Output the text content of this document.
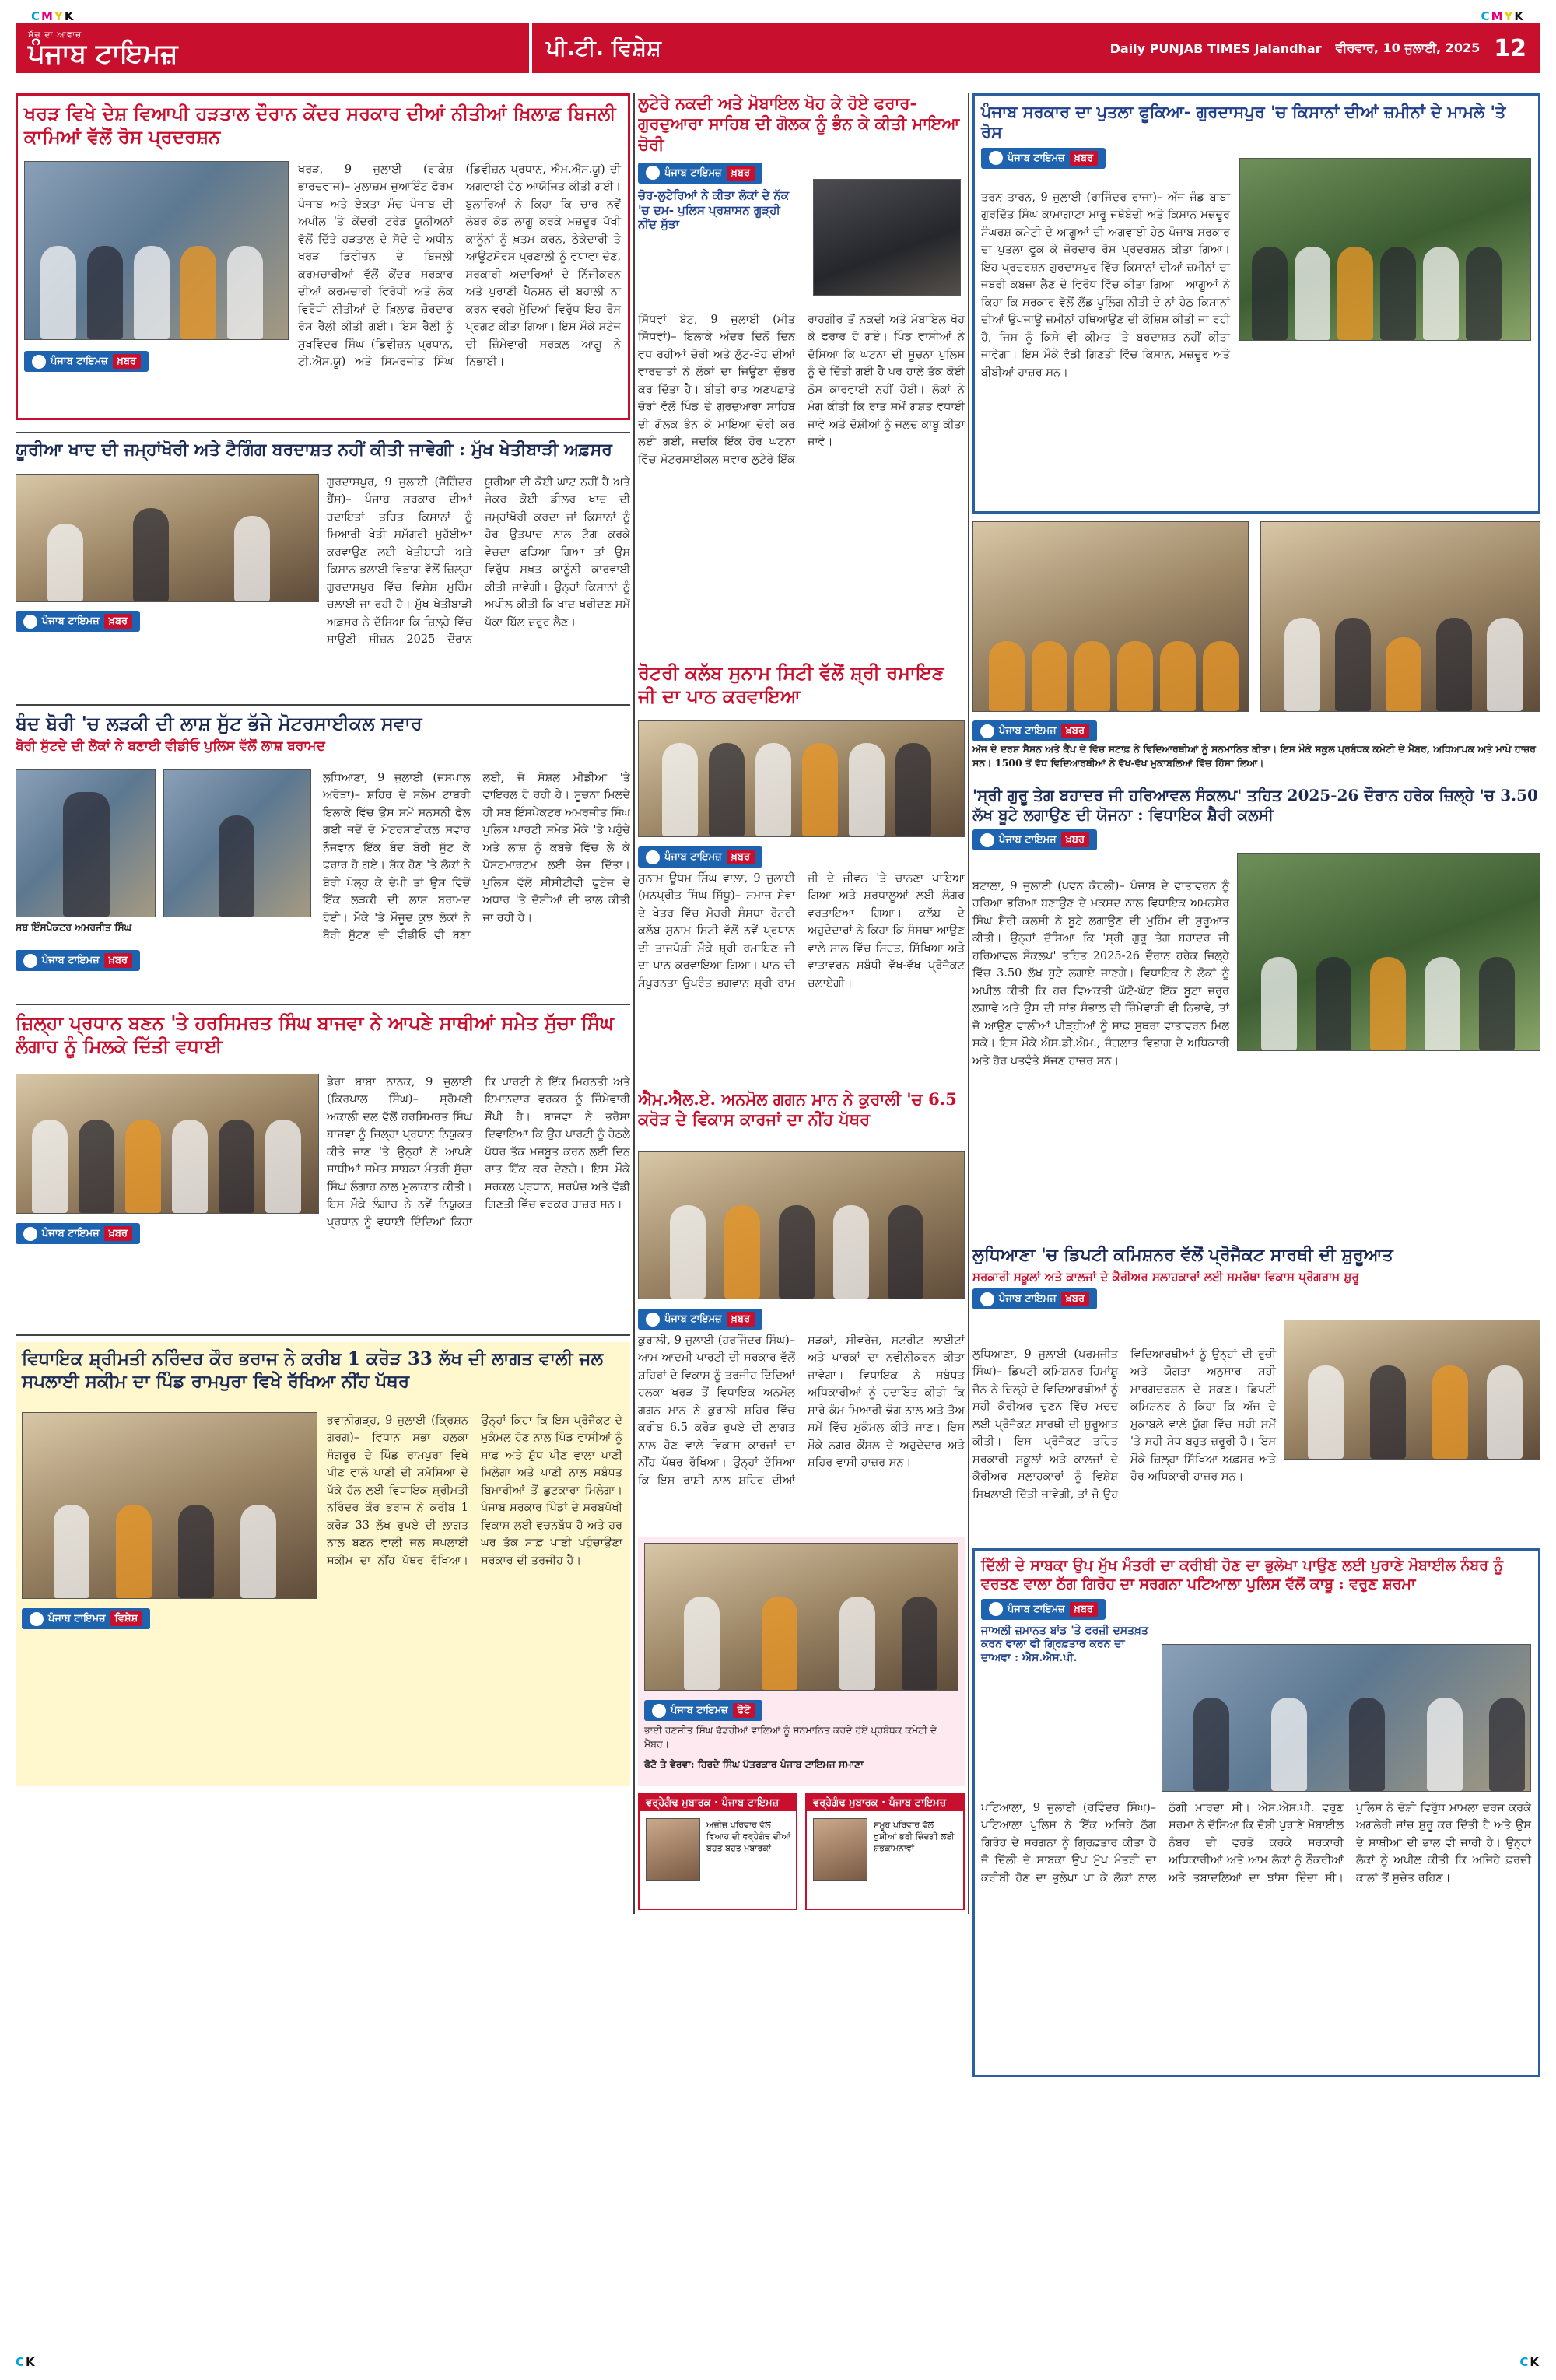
CMYK	CMYK
ਸੱਚ ਦਾ ਆਵਾਜ਼
ਪੰਜਾਬ ਟਾਇਮਜ਼	ਪੀ.ਟੀ. ਵਿਸ਼ੇਸ਼	Daily PUNJAB TIMES Jalandhar ਵੀਰਵਾਰ, 10 ਜੁਲਾਈ, 2025 12
ਖਰੜ ਵਿਖੇ ਦੇਸ਼ ਵਿਆਪੀ ਹੜਤਾਲ ਦੌਰਾਨ ਕੇਂਦਰ ਸਰਕਾਰ ਦੀਆਂ ਨੀਤੀਆਂ ਖ਼ਿਲਾਫ਼ ਬਿਜਲੀ ਕਾਮਿਆਂ ਵੱਲੋਂ ਰੋਸ ਪ੍ਰਦਰਸ਼ਨ
ਪੰਜਾਬ ਟਾਇਮਜ਼ ਖ਼ਬਰ
ਖਰੜ, 9 ਜੁਲਾਈ (ਰਾਕੇਸ਼ ਭਾਰਦਵਾਜ)– ਮੁਲਾਜ਼ਮ ਜੁਆਇੰਟ ਫੋਰਮ ਪੰਜਾਬ ਅਤੇ ਏਕਤਾ ਮੰਚ ਪੰਜਾਬ ਦੀ ਅਪੀਲ 'ਤੇ ਕੇਂਦਰੀ ਟਰੇਡ ਯੂਨੀਅਨਾਂ ਵੱਲੋਂ ਦਿੱਤੇ ਹੜਤਾਲ ਦੇ ਸੱਦੇ ਦੇ ਅਧੀਨ ਖਰੜ ਡਿਵੀਜ਼ਨ ਦੇ ਬਿਜਲੀ ਕਰਮਚਾਰੀਆਂ ਵੱਲੋਂ ਕੇਂਦਰ ਸਰਕਾਰ ਦੀਆਂ ਕਰਮਚਾਰੀ ਵਿਰੋਧੀ ਅਤੇ ਲੋਕ ਵਿਰੋਧੀ ਨੀਤੀਆਂ ਦੇ ਖ਼ਿਲਾਫ਼ ਜ਼ੋਰਦਾਰ ਰੋਸ ਰੈਲੀ ਕੀਤੀ ਗਈ। ਇਸ ਰੈਲੀ ਨੂੰ ਸੁਖਵਿੰਦਰ ਸਿੰਘ (ਡਿਵੀਜ਼ਨ ਪ੍ਰਧਾਨ, ਟੀ.ਐਸ.ਯੂ) ਅਤੇ ਸਿਮਰਜੀਤ ਸਿੰਘ (ਡਿਵੀਜ਼ਨ ਪ੍ਰਧਾਨ, ਐਮ.ਐਸ.ਯੂ) ਦੀ ਅਗਵਾਈ ਹੇਠ ਆਯੋਜਿਤ ਕੀਤੀ ਗਈ। ਬੁਲਾਰਿਆਂ ਨੇ ਕਿਹਾ ਕਿ ਚਾਰ ਨਵੇਂ ਲੇਬਰ ਕੋਡ ਲਾਗੂ ਕਰਕੇ ਮਜ਼ਦੂਰ ਪੱਖੀ ਕਾਨੂੰਨਾਂ ਨੂੰ ਖ਼ਤਮ ਕਰਨ, ਠੇਕੇਦਾਰੀ ਤੇ ਆਊਟਸੋਰਸ ਪ੍ਰਣਾਲੀ ਨੂੰ ਵਧਾਵਾ ਦੇਣ, ਸਰਕਾਰੀ ਅਦਾਰਿਆਂ ਦੇ ਨਿੱਜੀਕਰਨ ਅਤੇ ਪੁਰਾਣੀ ਪੈਨਸ਼ਨ ਦੀ ਬਹਾਲੀ ਨਾ ਕਰਨ ਵਰਗੇ ਮੁੱਦਿਆਂ ਵਿਰੁੱਧ ਇਹ ਰੋਸ ਪ੍ਰਗਟ ਕੀਤਾ ਗਿਆ। ਇਸ ਮੌਕੇ ਸਟੇਜ ਦੀ ਜ਼ਿੰਮੇਵਾਰੀ ਸਰਕਲ ਆਗੂ ਨੇ ਨਿਭਾਈ।
ਲੁਟੇਰੇ ਨਕਦੀ ਅਤੇ ਮੋਬਾਇਲ ਖੋਹ ਕੇ ਹੋਏ ਫਰਾਰ-ਗੁਰਦੁਆਰਾ ਸਾਹਿਬ ਦੀ ਗੋਲਕ ਨੂੰ ਭੰਨ ਕੇ ਕੀਤੀ ਮਾਇਆ ਚੋਰੀ
ਪੰਜਾਬ ਟਾਇਮਜ਼ ਖ਼ਬਰ
ਚੋਰ-ਲੁਟੇਰਿਆਂ ਨੇ ਕੀਤਾ ਲੋਕਾਂ ਦੇ ਨੱਕ 'ਚ ਦਮ- ਪੁਲਿਸ ਪ੍ਰਸ਼ਾਸਨ ਗੂੜ੍ਹੀ ਨੀਂਦ ਸੁੱਤਾ
ਸਿੱਧਵਾਂ ਬੇਟ, 9 ਜੁਲਾਈ (ਮੀਤ ਸਿੱਧਵਾਂ)– ਇਲਾਕੇ ਅੰਦਰ ਦਿਨੋਂ ਦਿਨ ਵਧ ਰਹੀਆਂ ਚੋਰੀ ਅਤੇ ਲੁੱਟ-ਖੋਹ ਦੀਆਂ ਵਾਰਦਾਤਾਂ ਨੇ ਲੋਕਾਂ ਦਾ ਜਿਊਣਾ ਦੁੱਭਰ ਕਰ ਦਿੱਤਾ ਹੈ। ਬੀਤੀ ਰਾਤ ਅਣਪਛਾਤੇ ਚੋਰਾਂ ਵੱਲੋਂ ਪਿੰਡ ਦੇ ਗੁਰਦੁਆਰਾ ਸਾਹਿਬ ਦੀ ਗੋਲਕ ਭੰਨ ਕੇ ਮਾਇਆ ਚੋਰੀ ਕਰ ਲਈ ਗਈ, ਜਦਕਿ ਇੱਕ ਹੋਰ ਘਟਨਾ ਵਿੱਚ ਮੋਟਰਸਾਈਕਲ ਸਵਾਰ ਲੁਟੇਰੇ ਇੱਕ ਰਾਹਗੀਰ ਤੋਂ ਨਕਦੀ ਅਤੇ ਮੋਬਾਇਲ ਖੋਹ ਕੇ ਫਰਾਰ ਹੋ ਗਏ। ਪਿੰਡ ਵਾਸੀਆਂ ਨੇ ਦੱਸਿਆ ਕਿ ਘਟਨਾ ਦੀ ਸੂਚਨਾ ਪੁਲਿਸ ਨੂੰ ਦੇ ਦਿੱਤੀ ਗਈ ਹੈ ਪਰ ਹਾਲੇ ਤੱਕ ਕੋਈ ਠੋਸ ਕਾਰਵਾਈ ਨਹੀਂ ਹੋਈ। ਲੋਕਾਂ ਨੇ ਮੰਗ ਕੀਤੀ ਕਿ ਰਾਤ ਸਮੇਂ ਗਸ਼ਤ ਵਧਾਈ ਜਾਵੇ ਅਤੇ ਦੋਸ਼ੀਆਂ ਨੂੰ ਜਲਦ ਕਾਬੂ ਕੀਤਾ ਜਾਵੇ।
ਪੰਜਾਬ ਸਰਕਾਰ ਦਾ ਪੁਤਲਾ ਫੂਕਿਆ- ਗੁਰਦਾਸਪੁਰ 'ਚ ਕਿਸਾਨਾਂ ਦੀਆਂ ਜ਼ਮੀਨਾਂ ਦੇ ਮਾਮਲੇ 'ਤੇ ਰੋਸ
ਪੰਜਾਬ ਟਾਇਮਜ਼ ਖ਼ਬਰ
ਤਰਨ ਤਾਰਨ, 9 ਜੁਲਾਈ (ਰਾਜਿੰਦਰ ਰਾਜਾ)– ਅੱਜ ਜੰਡ ਬਾਬਾ ਗੁਰਦਿੱਤ ਸਿੰਘ ਕਾਮਾਗਾਟਾ ਮਾਰੂ ਜਥੇਬੰਦੀ ਅਤੇ ਕਿਸਾਨ ਮਜ਼ਦੂਰ ਸੰਘਰਸ਼ ਕਮੇਟੀ ਦੇ ਆਗੂਆਂ ਦੀ ਅਗਵਾਈ ਹੇਠ ਪੰਜਾਬ ਸਰਕਾਰ ਦਾ ਪੁਤਲਾ ਫੂਕ ਕੇ ਜ਼ੋਰਦਾਰ ਰੋਸ ਪ੍ਰਦਰਸ਼ਨ ਕੀਤਾ ਗਿਆ। ਇਹ ਪ੍ਰਦਰਸ਼ਨ ਗੁਰਦਾਸਪੁਰ ਵਿੱਚ ਕਿਸਾਨਾਂ ਦੀਆਂ ਜ਼ਮੀਨਾਂ ਦਾ ਜਬਰੀ ਕਬਜ਼ਾ ਲੈਣ ਦੇ ਵਿਰੋਧ ਵਿੱਚ ਕੀਤਾ ਗਿਆ। ਆਗੂਆਂ ਨੇ ਕਿਹਾ ਕਿ ਸਰਕਾਰ ਵੱਲੋਂ ਲੈਂਡ ਪੂਲਿੰਗ ਨੀਤੀ ਦੇ ਨਾਂ ਹੇਠ ਕਿਸਾਨਾਂ ਦੀਆਂ ਉਪਜਾਊ ਜ਼ਮੀਨਾਂ ਹਥਿਆਉਣ ਦੀ ਕੋਸ਼ਿਸ਼ ਕੀਤੀ ਜਾ ਰਹੀ ਹੈ, ਜਿਸ ਨੂੰ ਕਿਸੇ ਵੀ ਕੀਮਤ 'ਤੇ ਬਰਦਾਸ਼ਤ ਨਹੀਂ ਕੀਤਾ ਜਾਵੇਗਾ। ਇਸ ਮੌਕੇ ਵੱਡੀ ਗਿਣਤੀ ਵਿੱਚ ਕਿਸਾਨ, ਮਜ਼ਦੂਰ ਅਤੇ ਬੀਬੀਆਂ ਹਾਜ਼ਰ ਸਨ।
ਯੂਰੀਆ ਖਾਦ ਦੀ ਜਮ੍ਹਾਂਖੋਰੀ ਅਤੇ ਟੈਗਿੰਗ ਬਰਦਾਸ਼ਤ ਨਹੀਂ ਕੀਤੀ ਜਾਵੇਗੀ : ਮੁੱਖ ਖੇਤੀਬਾੜੀ ਅਫ਼ਸਰ
ਪੰਜਾਬ ਟਾਇਮਜ਼ ਖ਼ਬਰ
ਗੁਰਦਾਸਪੁਰ, 9 ਜੁਲਾਈ (ਜੋਗਿੰਦਰ ਬੈਂਸ)– ਪੰਜਾਬ ਸਰਕਾਰ ਦੀਆਂ ਹਦਾਇਤਾਂ ਤਹਿਤ ਕਿਸਾਨਾਂ ਨੂੰ ਮਿਆਰੀ ਖੇਤੀ ਸਮੱਗਰੀ ਮੁਹੱਈਆ ਕਰਵਾਉਣ ਲਈ ਖੇਤੀਬਾੜੀ ਅਤੇ ਕਿਸਾਨ ਭਲਾਈ ਵਿਭਾਗ ਵੱਲੋਂ ਜ਼ਿਲ੍ਹਾ ਗੁਰਦਾਸਪੁਰ ਵਿੱਚ ਵਿਸ਼ੇਸ਼ ਮੁਹਿੰਮ ਚਲਾਈ ਜਾ ਰਹੀ ਹੈ। ਮੁੱਖ ਖੇਤੀਬਾੜੀ ਅਫ਼ਸਰ ਨੇ ਦੱਸਿਆ ਕਿ ਜ਼ਿਲ੍ਹੇ ਵਿੱਚ ਸਾਉਣੀ ਸੀਜ਼ਨ 2025 ਦੌਰਾਨ ਯੂਰੀਆ ਦੀ ਕੋਈ ਘਾਟ ਨਹੀਂ ਹੈ ਅਤੇ ਜੇਕਰ ਕੋਈ ਡੀਲਰ ਖਾਦ ਦੀ ਜਮ੍ਹਾਂਖੋਰੀ ਕਰਦਾ ਜਾਂ ਕਿਸਾਨਾਂ ਨੂੰ ਹੋਰ ਉਤਪਾਦ ਨਾਲ ਟੈਗ ਕਰਕੇ ਵੇਚਦਾ ਫੜਿਆ ਗਿਆ ਤਾਂ ਉਸ ਵਿਰੁੱਧ ਸਖ਼ਤ ਕਾਨੂੰਨੀ ਕਾਰਵਾਈ ਕੀਤੀ ਜਾਵੇਗੀ। ਉਨ੍ਹਾਂ ਕਿਸਾਨਾਂ ਨੂੰ ਅਪੀਲ ਕੀਤੀ ਕਿ ਖਾਦ ਖਰੀਦਣ ਸਮੇਂ ਪੱਕਾ ਬਿੱਲ ਜ਼ਰੂਰ ਲੈਣ।
ਰੋਟਰੀ ਕਲੱਬ ਸੁਨਾਮ ਸਿਟੀ ਵੱਲੋਂ ਸ਼੍ਰੀ ਰਮਾਇਣ ਜੀ ਦਾ ਪਾਠ ਕਰਵਾਇਆ
ਪੰਜਾਬ ਟਾਇਮਜ਼ ਖ਼ਬਰ
ਸੁਨਾਮ ਊਧਮ ਸਿੰਘ ਵਾਲਾ, 9 ਜੁਲਾਈ (ਮਨਪ੍ਰੀਤ ਸਿੰਘ ਸਿੱਧੂ)– ਸਮਾਜ ਸੇਵਾ ਦੇ ਖੇਤਰ ਵਿੱਚ ਮੋਹਰੀ ਸੰਸਥਾ ਰੋਟਰੀ ਕਲੱਬ ਸੁਨਾਮ ਸਿਟੀ ਵੱਲੋਂ ਨਵੇਂ ਪ੍ਰਧਾਨ ਦੀ ਤਾਜਪੋਸ਼ੀ ਮੌਕੇ ਸ਼੍ਰੀ ਰਮਾਇਣ ਜੀ ਦਾ ਪਾਠ ਕਰਵਾਇਆ ਗਿਆ। ਪਾਠ ਦੀ ਸੰਪੂਰਨਤਾ ਉਪਰੰਤ ਭਗਵਾਨ ਸ਼੍ਰੀ ਰਾਮ ਜੀ ਦੇ ਜੀਵਨ 'ਤੇ ਚਾਨਣਾ ਪਾਇਆ ਗਿਆ ਅਤੇ ਸ਼ਰਧਾਲੂਆਂ ਲਈ ਲੰਗਰ ਵਰਤਾਇਆ ਗਿਆ। ਕਲੱਬ ਦੇ ਅਹੁਦੇਦਾਰਾਂ ਨੇ ਕਿਹਾ ਕਿ ਸੰਸਥਾ ਆਉਣ ਵਾਲੇ ਸਾਲ ਵਿੱਚ ਸਿਹਤ, ਸਿੱਖਿਆ ਅਤੇ ਵਾਤਾਵਰਨ ਸਬੰਧੀ ਵੱਖ-ਵੱਖ ਪ੍ਰੋਜੈਕਟ ਚਲਾਏਗੀ।
ਪੰਜਾਬ ਟਾਇਮਜ਼ ਖ਼ਬਰ
ਅੱਜ ਦੇ ਦਰਸ਼ ਸੈਸ਼ਨ ਅਤੇ ਕੈਂਪ ਦੇ ਵਿੱਚ ਸਟਾਫ਼ ਨੇ ਵਿਦਿਆਰਥੀਆਂ ਨੂੰ ਸਨਮਾਨਿਤ ਕੀਤਾ। ਇਸ ਮੌਕੇ ਸਕੂਲ ਪ੍ਰਬੰਧਕ ਕਮੇਟੀ ਦੇ ਮੈਂਬਰ, ਅਧਿਆਪਕ ਅਤੇ ਮਾਪੇ ਹਾਜ਼ਰ ਸਨ। 1500 ਤੋਂ ਵੱਧ ਵਿਦਿਆਰਥੀਆਂ ਨੇ ਵੱਖ-ਵੱਖ ਮੁਕਾਬਲਿਆਂ ਵਿੱਚ ਹਿੱਸਾ ਲਿਆ।
ਬੰਦ ਬੋਰੀ 'ਚ ਲੜਕੀ ਦੀ ਲਾਸ਼ ਸੁੱਟ ਭੱਜੇ ਮੋਟਰਸਾਈਕਲ ਸਵਾਰ
ਬੋਰੀ ਸੁੱਟਦੇ ਦੀ ਲੋਕਾਂ ਨੇ ਬਣਾਈ ਵੀਡੀਓ ਪੁਲਿਸ ਵੱਲੋਂ ਲਾਸ਼ ਬਰਾਮਦ
ਸਬ ਇੰਸਪੈਕਟਰ ਅਮਰਜੀਤ ਸਿੰਘ
ਪੰਜਾਬ ਟਾਇਮਜ਼ ਖ਼ਬਰ
ਲੁਧਿਆਣਾ, 9 ਜੁਲਾਈ (ਜਸਪਾਲ ਅਰੋੜਾ)– ਸ਼ਹਿਰ ਦੇ ਸਲੇਮ ਟਾਬਰੀ ਇਲਾਕੇ ਵਿੱਚ ਉਸ ਸਮੇਂ ਸਨਸਨੀ ਫੈਲ ਗਈ ਜਦੋਂ ਦੋ ਮੋਟਰਸਾਈਕਲ ਸਵਾਰ ਨੌਜਵਾਨ ਇੱਕ ਬੰਦ ਬੋਰੀ ਸੁੱਟ ਕੇ ਫਰਾਰ ਹੋ ਗਏ। ਸ਼ੱਕ ਹੋਣ 'ਤੇ ਲੋਕਾਂ ਨੇ ਬੋਰੀ ਖੋਲ੍ਹ ਕੇ ਦੇਖੀ ਤਾਂ ਉਸ ਵਿੱਚੋਂ ਇੱਕ ਲੜਕੀ ਦੀ ਲਾਸ਼ ਬਰਾਮਦ ਹੋਈ। ਮੌਕੇ 'ਤੇ ਮੌਜੂਦ ਕੁਝ ਲੋਕਾਂ ਨੇ ਬੋਰੀ ਸੁੱਟਣ ਦੀ ਵੀਡੀਓ ਵੀ ਬਣਾ ਲਈ, ਜੋ ਸੋਸ਼ਲ ਮੀਡੀਆ 'ਤੇ ਵਾਇਰਲ ਹੋ ਰਹੀ ਹੈ। ਸੂਚਨਾ ਮਿਲਦੇ ਹੀ ਸਬ ਇੰਸਪੈਕਟਰ ਅਮਰਜੀਤ ਸਿੰਘ ਪੁਲਿਸ ਪਾਰਟੀ ਸਮੇਤ ਮੌਕੇ 'ਤੇ ਪਹੁੰਚੇ ਅਤੇ ਲਾਸ਼ ਨੂੰ ਕਬਜ਼ੇ ਵਿੱਚ ਲੈ ਕੇ ਪੋਸਟਮਾਰਟਮ ਲਈ ਭੇਜ ਦਿੱਤਾ। ਪੁਲਿਸ ਵੱਲੋਂ ਸੀਸੀਟੀਵੀ ਫੁਟੇਜ ਦੇ ਅਧਾਰ 'ਤੇ ਦੋਸ਼ੀਆਂ ਦੀ ਭਾਲ ਕੀਤੀ ਜਾ ਰਹੀ ਹੈ।
'ਸ੍ਰੀ ਗੁਰੂ ਤੇਗ ਬਹਾਦਰ ਜੀ ਹਰਿਆਵਲ ਸੰਕਲਪ' ਤਹਿਤ 2025-26 ਦੌਰਾਨ ਹਰੇਕ ਜ਼ਿਲ੍ਹੇ 'ਚ 3.50 ਲੱਖ ਬੂਟੇ ਲਗਾਉਣ ਦੀ ਯੋਜਨਾ : ਵਿਧਾਇਕ ਸ਼ੈਰੀ ਕਲਸੀ
ਪੰਜਾਬ ਟਾਇਮਜ਼ ਖ਼ਬਰ
ਬਟਾਲਾ, 9 ਜੁਲਾਈ (ਪਵਨ ਕੋਹਲੀ)– ਪੰਜਾਬ ਦੇ ਵਾਤਾਵਰਨ ਨੂੰ ਹਰਿਆ ਭਰਿਆ ਬਣਾਉਣ ਦੇ ਮਕਸਦ ਨਾਲ ਵਿਧਾਇਕ ਅਮਨਸ਼ੇਰ ਸਿੰਘ ਸ਼ੈਰੀ ਕਲਸੀ ਨੇ ਬੂਟੇ ਲਗਾਉਣ ਦੀ ਮੁਹਿੰਮ ਦੀ ਸ਼ੁਰੂਆਤ ਕੀਤੀ। ਉਨ੍ਹਾਂ ਦੱਸਿਆ ਕਿ 'ਸ੍ਰੀ ਗੁਰੂ ਤੇਗ ਬਹਾਦਰ ਜੀ ਹਰਿਆਵਲ ਸੰਕਲਪ' ਤਹਿਤ 2025-26 ਦੌਰਾਨ ਹਰੇਕ ਜ਼ਿਲ੍ਹੇ ਵਿੱਚ 3.50 ਲੱਖ ਬੂਟੇ ਲਗਾਏ ਜਾਣਗੇ। ਵਿਧਾਇਕ ਨੇ ਲੋਕਾਂ ਨੂੰ ਅਪੀਲ ਕੀਤੀ ਕਿ ਹਰ ਵਿਅਕਤੀ ਘੱਟੋ-ਘੱਟ ਇੱਕ ਬੂਟਾ ਜ਼ਰੂਰ ਲਗਾਵੇ ਅਤੇ ਉਸ ਦੀ ਸਾਂਭ ਸੰਭਾਲ ਦੀ ਜ਼ਿੰਮੇਵਾਰੀ ਵੀ ਨਿਭਾਵੇ, ਤਾਂ ਜੋ ਆਉਣ ਵਾਲੀਆਂ ਪੀੜ੍ਹੀਆਂ ਨੂੰ ਸਾਫ਼ ਸੁਥਰਾ ਵਾਤਾਵਰਨ ਮਿਲ ਸਕੇ। ਇਸ ਮੌਕੇ ਐਸ.ਡੀ.ਐਮ., ਜੰਗਲਾਤ ਵਿਭਾਗ ਦੇ ਅਧਿਕਾਰੀ ਅਤੇ ਹੋਰ ਪਤਵੰਤੇ ਸੱਜਣ ਹਾਜ਼ਰ ਸਨ।
ਐਮ.ਐਲ.ਏ. ਅਨਮੋਲ ਗਗਨ ਮਾਨ ਨੇ ਕੁਰਾਲੀ 'ਚ 6.5 ਕਰੋੜ ਦੇ ਵਿਕਾਸ ਕਾਰਜਾਂ ਦਾ ਨੀਂਹ ਪੱਥਰ
ਪੰਜਾਬ ਟਾਇਮਜ਼ ਖ਼ਬਰ
ਕੁਰਾਲੀ, 9 ਜੁਲਾਈ (ਹਰਜਿੰਦਰ ਸਿੰਘ)– ਆਮ ਆਦਮੀ ਪਾਰਟੀ ਦੀ ਸਰਕਾਰ ਵੱਲੋਂ ਸ਼ਹਿਰਾਂ ਦੇ ਵਿਕਾਸ ਨੂੰ ਤਰਜੀਹ ਦਿੰਦਿਆਂ ਹਲਕਾ ਖਰੜ ਤੋਂ ਵਿਧਾਇਕ ਅਨਮੋਲ ਗਗਨ ਮਾਨ ਨੇ ਕੁਰਾਲੀ ਸ਼ਹਿਰ ਵਿੱਚ ਕਰੀਬ 6.5 ਕਰੋੜ ਰੁਪਏ ਦੀ ਲਾਗਤ ਨਾਲ ਹੋਣ ਵਾਲੇ ਵਿਕਾਸ ਕਾਰਜਾਂ ਦਾ ਨੀਂਹ ਪੱਥਰ ਰੱਖਿਆ। ਉਨ੍ਹਾਂ ਦੱਸਿਆ ਕਿ ਇਸ ਰਾਸ਼ੀ ਨਾਲ ਸ਼ਹਿਰ ਦੀਆਂ ਸੜਕਾਂ, ਸੀਵਰੇਜ, ਸਟਰੀਟ ਲਾਈਟਾਂ ਅਤੇ ਪਾਰਕਾਂ ਦਾ ਨਵੀਨੀਕਰਨ ਕੀਤਾ ਜਾਵੇਗਾ। ਵਿਧਾਇਕ ਨੇ ਸਬੰਧਤ ਅਧਿਕਾਰੀਆਂ ਨੂੰ ਹਦਾਇਤ ਕੀਤੀ ਕਿ ਸਾਰੇ ਕੰਮ ਮਿਆਰੀ ਢੰਗ ਨਾਲ ਅਤੇ ਤੈਅ ਸਮੇਂ ਵਿੱਚ ਮੁਕੰਮਲ ਕੀਤੇ ਜਾਣ। ਇਸ ਮੌਕੇ ਨਗਰ ਕੌਂਸਲ ਦੇ ਅਹੁਦੇਦਾਰ ਅਤੇ ਸ਼ਹਿਰ ਵਾਸੀ ਹਾਜ਼ਰ ਸਨ।
ਜ਼ਿਲ੍ਹਾ ਪ੍ਰਧਾਨ ਬਣਨ 'ਤੇ ਹਰਸਿਮਰਤ ਸਿੰਘ ਬਾਜਵਾ ਨੇ ਆਪਣੇ ਸਾਥੀਆਂ ਸਮੇਤ ਸੁੱਚਾ ਸਿੰਘ ਲੰਗਾਹ ਨੂੰ ਮਿਲਕੇ ਦਿੱਤੀ ਵਧਾਈ
ਪੰਜਾਬ ਟਾਇਮਜ਼ ਖ਼ਬਰ
ਡੇਰਾ ਬਾਬਾ ਨਾਨਕ, 9 ਜੁਲਾਈ (ਕਿਰਪਾਲ ਸਿੰਘ)– ਸ਼੍ਰੋਮਣੀ ਅਕਾਲੀ ਦਲ ਵੱਲੋਂ ਹਰਸਿਮਰਤ ਸਿੰਘ ਬਾਜਵਾ ਨੂੰ ਜ਼ਿਲ੍ਹਾ ਪ੍ਰਧਾਨ ਨਿਯੁਕਤ ਕੀਤੇ ਜਾਣ 'ਤੇ ਉਨ੍ਹਾਂ ਨੇ ਆਪਣੇ ਸਾਥੀਆਂ ਸਮੇਤ ਸਾਬਕਾ ਮੰਤਰੀ ਸੁੱਚਾ ਸਿੰਘ ਲੰਗਾਹ ਨਾਲ ਮੁਲਾਕਾਤ ਕੀਤੀ। ਇਸ ਮੌਕੇ ਲੰਗਾਹ ਨੇ ਨਵੇਂ ਨਿਯੁਕਤ ਪ੍ਰਧਾਨ ਨੂੰ ਵਧਾਈ ਦਿੰਦਿਆਂ ਕਿਹਾ ਕਿ ਪਾਰਟੀ ਨੇ ਇੱਕ ਮਿਹਨਤੀ ਅਤੇ ਇਮਾਨਦਾਰ ਵਰਕਰ ਨੂੰ ਜ਼ਿੰਮੇਵਾਰੀ ਸੌਂਪੀ ਹੈ। ਬਾਜਵਾ ਨੇ ਭਰੋਸਾ ਦਿਵਾਇਆ ਕਿ ਉਹ ਪਾਰਟੀ ਨੂੰ ਹੇਠਲੇ ਪੱਧਰ ਤੱਕ ਮਜ਼ਬੂਤ ਕਰਨ ਲਈ ਦਿਨ ਰਾਤ ਇੱਕ ਕਰ ਦੇਣਗੇ। ਇਸ ਮੌਕੇ ਸਰਕਲ ਪ੍ਰਧਾਨ, ਸਰਪੰਚ ਅਤੇ ਵੱਡੀ ਗਿਣਤੀ ਵਿੱਚ ਵਰਕਰ ਹਾਜ਼ਰ ਸਨ।
ਲੁਧਿਆਣਾ 'ਚ ਡਿਪਟੀ ਕਮਿਸ਼ਨਰ ਵੱਲੋਂ ਪ੍ਰੋਜੈਕਟ ਸਾਰਥੀ ਦੀ ਸ਼ੁਰੂਆਤ
ਸਰਕਾਰੀ ਸਕੂਲਾਂ ਅਤੇ ਕਾਲਜਾਂ ਦੇ ਕੈਰੀਅਰ ਸਲਾਹਕਾਰਾਂ ਲਈ ਸਮਰੱਥਾ ਵਿਕਾਸ ਪ੍ਰੋਗਰਾਮ ਸ਼ੁਰੂ
ਪੰਜਾਬ ਟਾਇਮਜ਼ ਖ਼ਬਰ
ਲੁਧਿਆਣਾ, 9 ਜੁਲਾਈ (ਪਰਮਜੀਤ ਸਿੰਘ)– ਡਿਪਟੀ ਕਮਿਸ਼ਨਰ ਹਿਮਾਂਸ਼ੂ ਜੈਨ ਨੇ ਜ਼ਿਲ੍ਹੇ ਦੇ ਵਿਦਿਆਰਥੀਆਂ ਨੂੰ ਸਹੀ ਕੈਰੀਅਰ ਚੁਣਨ ਵਿੱਚ ਮਦਦ ਲਈ ਪ੍ਰੋਜੈਕਟ ਸਾਰਥੀ ਦੀ ਸ਼ੁਰੂਆਤ ਕੀਤੀ। ਇਸ ਪ੍ਰੋਜੈਕਟ ਤਹਿਤ ਸਰਕਾਰੀ ਸਕੂਲਾਂ ਅਤੇ ਕਾਲਜਾਂ ਦੇ ਕੈਰੀਅਰ ਸਲਾਹਕਾਰਾਂ ਨੂੰ ਵਿਸ਼ੇਸ਼ ਸਿਖਲਾਈ ਦਿੱਤੀ ਜਾਵੇਗੀ, ਤਾਂ ਜੋ ਉਹ ਵਿਦਿਆਰਥੀਆਂ ਨੂੰ ਉਨ੍ਹਾਂ ਦੀ ਰੁਚੀ ਅਤੇ ਯੋਗਤਾ ਅਨੁਸਾਰ ਸਹੀ ਮਾਰਗਦਰਸ਼ਨ ਦੇ ਸਕਣ। ਡਿਪਟੀ ਕਮਿਸ਼ਨਰ ਨੇ ਕਿਹਾ ਕਿ ਅੱਜ ਦੇ ਮੁਕਾਬਲੇ ਵਾਲੇ ਯੁੱਗ ਵਿੱਚ ਸਹੀ ਸਮੇਂ 'ਤੇ ਸਹੀ ਸੇਧ ਬਹੁਤ ਜ਼ਰੂਰੀ ਹੈ। ਇਸ ਮੌਕੇ ਜ਼ਿਲ੍ਹਾ ਸਿੱਖਿਆ ਅਫ਼ਸਰ ਅਤੇ ਹੋਰ ਅਧਿਕਾਰੀ ਹਾਜ਼ਰ ਸਨ।
ਵਿਧਾਇਕ ਸ਼੍ਰੀਮਤੀ ਨਰਿੰਦਰ ਕੌਰ ਭਰਾਜ ਨੇ ਕਰੀਬ 1 ਕਰੋੜ 33 ਲੱਖ ਦੀ ਲਾਗਤ ਵਾਲੀ ਜਲ ਸਪਲਾਈ ਸਕੀਮ ਦਾ ਪਿੰਡ ਰਾਮਪੁਰਾ ਵਿਖੇ ਰੱਖਿਆ ਨੀਂਹ ਪੱਥਰ
ਪੰਜਾਬ ਟਾਇਮਜ਼ ਵਿਸ਼ੇਸ਼
ਭਵਾਨੀਗੜ੍ਹ, 9 ਜੁਲਾਈ (ਕ੍ਰਿਸ਼ਨ ਗਰਗ)– ਵਿਧਾਨ ਸਭਾ ਹਲਕਾ ਸੰਗਰੂਰ ਦੇ ਪਿੰਡ ਰਾਮਪੁਰਾ ਵਿਖੇ ਪੀਣ ਵਾਲੇ ਪਾਣੀ ਦੀ ਸਮੱਸਿਆ ਦੇ ਪੱਕੇ ਹੱਲ ਲਈ ਵਿਧਾਇਕ ਸ਼੍ਰੀਮਤੀ ਨਰਿੰਦਰ ਕੌਰ ਭਰਾਜ ਨੇ ਕਰੀਬ 1 ਕਰੋੜ 33 ਲੱਖ ਰੁਪਏ ਦੀ ਲਾਗਤ ਨਾਲ ਬਣਨ ਵਾਲੀ ਜਲ ਸਪਲਾਈ ਸਕੀਮ ਦਾ ਨੀਂਹ ਪੱਥਰ ਰੱਖਿਆ। ਉਨ੍ਹਾਂ ਕਿਹਾ ਕਿ ਇਸ ਪ੍ਰੋਜੈਕਟ ਦੇ ਮੁਕੰਮਲ ਹੋਣ ਨਾਲ ਪਿੰਡ ਵਾਸੀਆਂ ਨੂੰ ਸਾਫ਼ ਅਤੇ ਸ਼ੁੱਧ ਪੀਣ ਵਾਲਾ ਪਾਣੀ ਮਿਲੇਗਾ ਅਤੇ ਪਾਣੀ ਨਾਲ ਸਬੰਧਤ ਬਿਮਾਰੀਆਂ ਤੋਂ ਛੁਟਕਾਰਾ ਮਿਲੇਗਾ। ਪੰਜਾਬ ਸਰਕਾਰ ਪਿੰਡਾਂ ਦੇ ਸਰਬਪੱਖੀ ਵਿਕਾਸ ਲਈ ਵਚਨਬੱਧ ਹੈ ਅਤੇ ਹਰ ਘਰ ਤੱਕ ਸਾਫ਼ ਪਾਣੀ ਪਹੁੰਚਾਉਣਾ ਸਰਕਾਰ ਦੀ ਤਰਜੀਹ ਹੈ।
ਪੰਜਾਬ ਟਾਇਮਜ਼ ਫੋਟੋ
ਭਾਈ ਰਣਜੀਤ ਸਿੰਘ ਢੱਡਰੀਆਂ ਵਾਲਿਆਂ ਨੂੰ ਸਨਮਾਨਿਤ ਕਰਦੇ ਹੋਏ ਪ੍ਰਬੰਧਕ ਕਮੇਟੀ ਦੇ ਮੈਂਬਰ।
ਫੋਟੋ ਤੇ ਵੇਰਵਾ: ਹਿਰਦੇ ਸਿੰਘ ਪੱਤਰਕਾਰ ਪੰਜਾਬ ਟਾਇਮਜ਼ ਸਮਾਣਾ
ਦਿੱਲੀ ਦੇ ਸਾਬਕਾ ਉਪ ਮੁੱਖ ਮੰਤਰੀ ਦਾ ਕਰੀਬੀ ਹੋਣ ਦਾ ਭੁਲੇਖਾ ਪਾਉਣ ਲਈ ਪੁਰਾਣੇ ਮੋਬਾਈਲ ਨੰਬਰ ਨੂੰ ਵਰਤਣ ਵਾਲਾ ਠੱਗ ਗਿਰੋਹ ਦਾ ਸਰਗਨਾ ਪਟਿਆਲਾ ਪੁਲਿਸ ਵੱਲੋਂ ਕਾਬੂ : ਵਰੁਣ ਸ਼ਰਮਾ
ਪੰਜਾਬ ਟਾਇਮਜ਼ ਖ਼ਬਰ
ਜਾਅਲੀ ਜ਼ਮਾਨਤ ਬਾਂਡ 'ਤੇ ਫਰਜ਼ੀ ਦਸਤਖ਼ਤ ਕਰਨ ਵਾਲਾ ਵੀ ਗ੍ਰਿਫ਼ਤਾਰ ਕਰਨ ਦਾ ਦਾਅਵਾ : ਐਸ.ਐਸ.ਪੀ.
ਪਟਿਆਲਾ, 9 ਜੁਲਾਈ (ਰਵਿੰਦਰ ਸਿੰਘ)– ਪਟਿਆਲਾ ਪੁਲਿਸ ਨੇ ਇੱਕ ਅਜਿਹੇ ਠੱਗ ਗਿਰੋਹ ਦੇ ਸਰਗਨਾ ਨੂੰ ਗ੍ਰਿਫ਼ਤਾਰ ਕੀਤਾ ਹੈ ਜੋ ਦਿੱਲੀ ਦੇ ਸਾਬਕਾ ਉਪ ਮੁੱਖ ਮੰਤਰੀ ਦਾ ਕਰੀਬੀ ਹੋਣ ਦਾ ਭੁਲੇਖਾ ਪਾ ਕੇ ਲੋਕਾਂ ਨਾਲ ਠੱਗੀ ਮਾਰਦਾ ਸੀ। ਐਸ.ਐਸ.ਪੀ. ਵਰੁਣ ਸ਼ਰਮਾ ਨੇ ਦੱਸਿਆ ਕਿ ਦੋਸ਼ੀ ਪੁਰਾਣੇ ਮੋਬਾਈਲ ਨੰਬਰ ਦੀ ਵਰਤੋਂ ਕਰਕੇ ਸਰਕਾਰੀ ਅਧਿਕਾਰੀਆਂ ਅਤੇ ਆਮ ਲੋਕਾਂ ਨੂੰ ਨੌਕਰੀਆਂ ਅਤੇ ਤਬਾਦਲਿਆਂ ਦਾ ਝਾਂਸਾ ਦਿੰਦਾ ਸੀ। ਪੁਲਿਸ ਨੇ ਦੋਸ਼ੀ ਵਿਰੁੱਧ ਮਾਮਲਾ ਦਰਜ ਕਰਕੇ ਅਗਲੇਰੀ ਜਾਂਚ ਸ਼ੁਰੂ ਕਰ ਦਿੱਤੀ ਹੈ ਅਤੇ ਉਸ ਦੇ ਸਾਥੀਆਂ ਦੀ ਭਾਲ ਵੀ ਜਾਰੀ ਹੈ। ਉਨ੍ਹਾਂ ਲੋਕਾਂ ਨੂੰ ਅਪੀਲ ਕੀਤੀ ਕਿ ਅਜਿਹੇ ਫ਼ਰਜ਼ੀ ਕਾਲਾਂ ਤੋਂ ਸੁਚੇਤ ਰਹਿਣ।
ਵਰ੍ਹੇਗੰਢ ਮੁਬਾਰਕ · ਪੰਜਾਬ ਟਾਇਮਜ਼
ਅਜ਼ੀਜ਼ ਪਰਿਵਾਰ ਵੱਲੋਂ ਵਿਆਹ ਦੀ ਵਰ੍ਹੇਗੰਢ ਦੀਆਂ ਬਹੁਤ ਬਹੁਤ ਮੁਬਾਰਕਾਂ
ਵਰ੍ਹੇਗੰਢ ਮੁਬਾਰਕ · ਪੰਜਾਬ ਟਾਇਮਜ਼
ਸਮੂਹ ਪਰਿਵਾਰ ਵੱਲੋਂ ਖੁਸ਼ੀਆਂ ਭਰੀ ਜ਼ਿੰਦਗੀ ਲਈ ਸ਼ੁਭਕਾਮਨਾਵਾਂ
CK	CK
